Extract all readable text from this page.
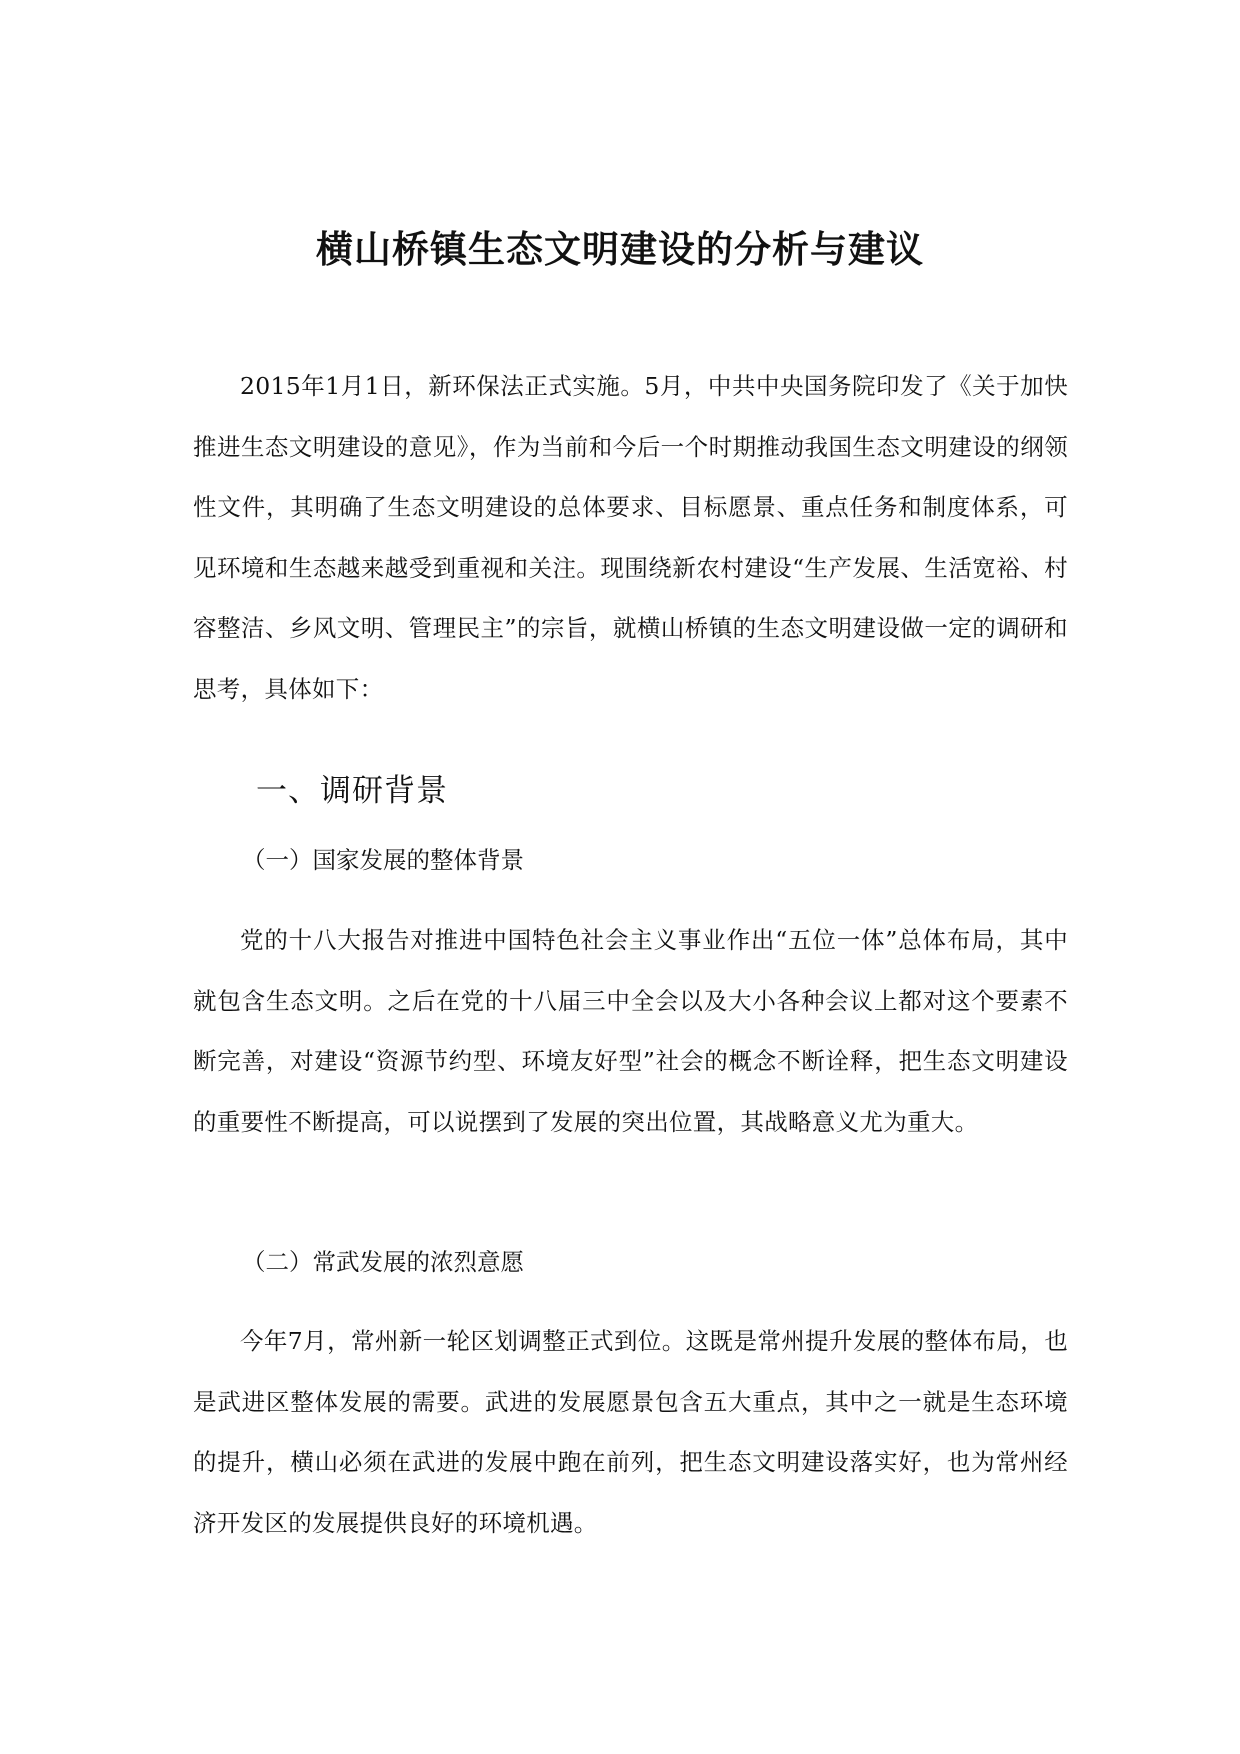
横山桥镇生态文明建设的分析与建议
2015年1月1日，新环保法正式实施。5月，中共中央国务院印发了《关于加快推进生态文明建设的意见》，作为当前和今后一个时期推动我国生态文明建设的纲领性文件，其明确了生态文明建设的总体要求、目标愿景、重点任务和制度体系，可见环境和生态越来越受到重视和关注。现围绕新农村建设“生产发展、生活宽裕、村容整洁、乡风文明、管理民主”的宗旨，就横山桥镇的生态文明建设做一定的调研和思考，具体如下：
一、调研背景
（一）国家发展的整体背景
党的十八大报告对推进中国特色社会主义事业作出“五位一体”总体布局，其中就包含生态文明。之后在党的十八届三中全会以及大小各种会议上都对这个要素不断完善，对建设“资源节约型、环境友好型”社会的概念不断诠释，把生态文明建设的重要性不断提高，可以说摆到了发展的突出位置，其战略意义尤为重大。
（二）常武发展的浓烈意愿
今年7月，常州新一轮区划调整正式到位。这既是常州提升发展的整体布局，也是武进区整体发展的需要。武进的发展愿景包含五大重点，其中之一就是生态环境的提升，横山必须在武进的发展中跑在前列，把生态文明建设落实好，也为常州经济开发区的发展提供良好的环境机遇。
